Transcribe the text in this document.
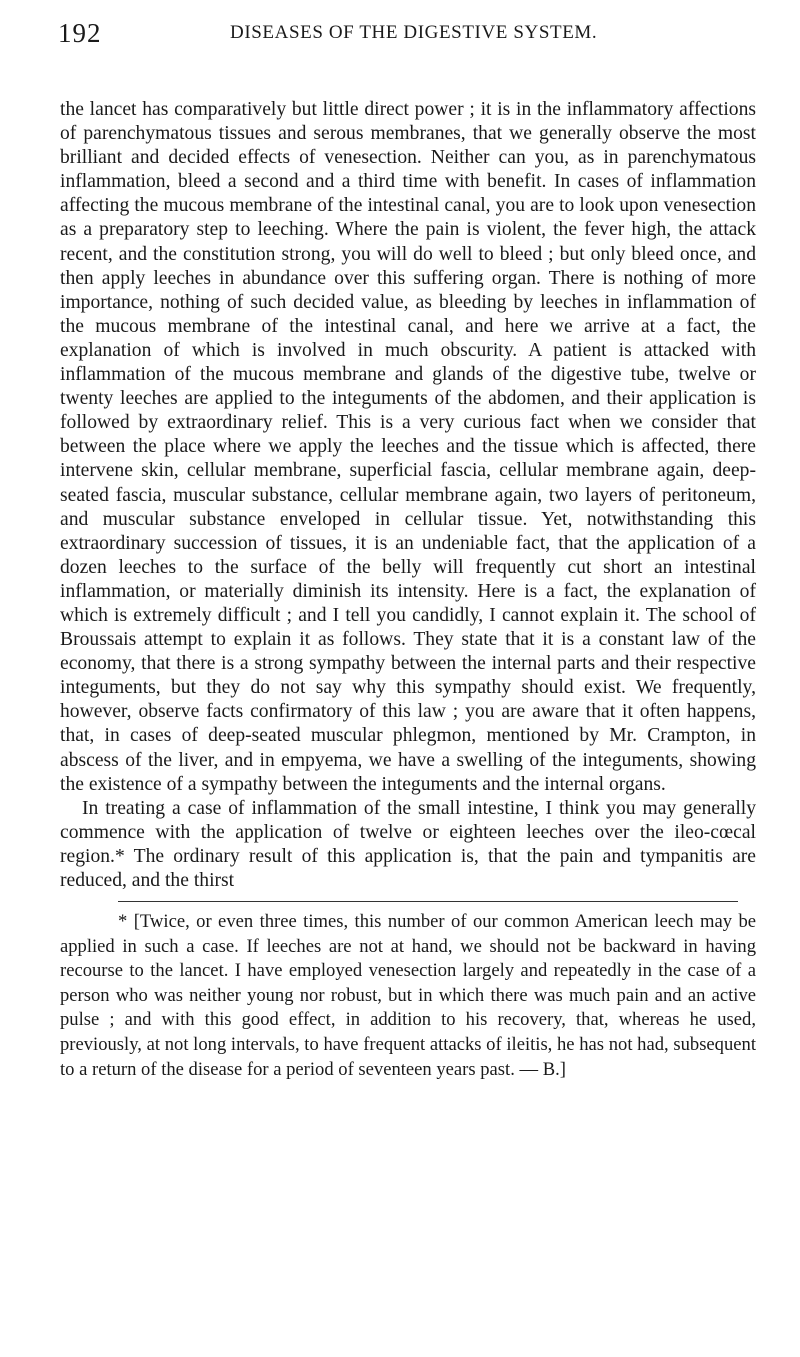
192	DISEASES OF THE DIGESTIVE SYSTEM.

the lancet has comparatively but little direct power ; it is in the inflammatory affections of parenchymatous tissues and serous membranes, that we generally observe the most brilliant and decided effects of venesection. Neither can you, as in parenchymatous inflammation, bleed a second and a third time with benefit. In cases of inflammation affecting the mucous membrane of the intestinal canal, you are to look upon venesection as a preparatory step to leeching. Where the pain is violent, the fever high, the attack recent, and the constitution strong, you will do well to bleed ; but only bleed once, and then apply leeches in abundance over this suffering organ. There is nothing of more importance, nothing of such decided value, as bleeding by leeches in inflammation of the mucous membrane of the intestinal canal, and here we arrive at a fact, the explanation of which is involved in much obscurity. A patient is attacked with inflammation of the mucous membrane and glands of the digestive tube, twelve or twenty leeches are applied to the integuments of the abdomen, and their application is followed by extraordinary relief. This is a very curious fact when we consider that between the place where we apply the leeches and the tissue which is affected, there intervene skin, cellular membrane, superficial fascia, cellular membrane again, deep-seated fascia, muscular substance, cellular membrane again, two layers of peritoneum, and muscular substance enveloped in cellular tissue. Yet, notwithstanding this extraordinary succession of tissues, it is an undeniable fact, that the application of a dozen leeches to the surface of the belly will frequently cut short an intestinal inflammation, or materially diminish its intensity. Here is a fact, the explanation of which is extremely difficult ; and I tell you candidly, I cannot explain it. The school of Broussais attempt to explain it as follows. They state that it is a constant law of the economy, that there is a strong sympathy between the internal parts and their respective integuments, but they do not say why this sympathy should exist. We frequently, however, observe facts confirmatory of this law ; you are aware that it often happens, that, in cases of deep-seated muscular phlegmon, mentioned by Mr. Crampton, in abscess of the liver, and in empyema, we have a swelling of the integuments, showing the existence of a sympathy between the integuments and the internal organs.

In treating a case of inflammation of the small intestine, I think you may generally commence with the application of twelve or eighteen leeches over the ileo-cœcal region.* The ordinary result of this application is, that the pain and tympanitis are reduced, and the thirst

* [Twice, or even three times, this number of our common American leech may be applied in such a case. If leeches are not at hand, we should not be backward in having recourse to the lancet. I have employed venesection largely and repeatedly in the case of a person who was neither young nor robust, but in which there was much pain and an active pulse ; and with this good effect, in addition to his recovery, that, whereas he used, previously, at not long intervals, to have frequent attacks of ileitis, he has not had, subsequent to a return of the disease for a period of seventeen years past. — B.]
